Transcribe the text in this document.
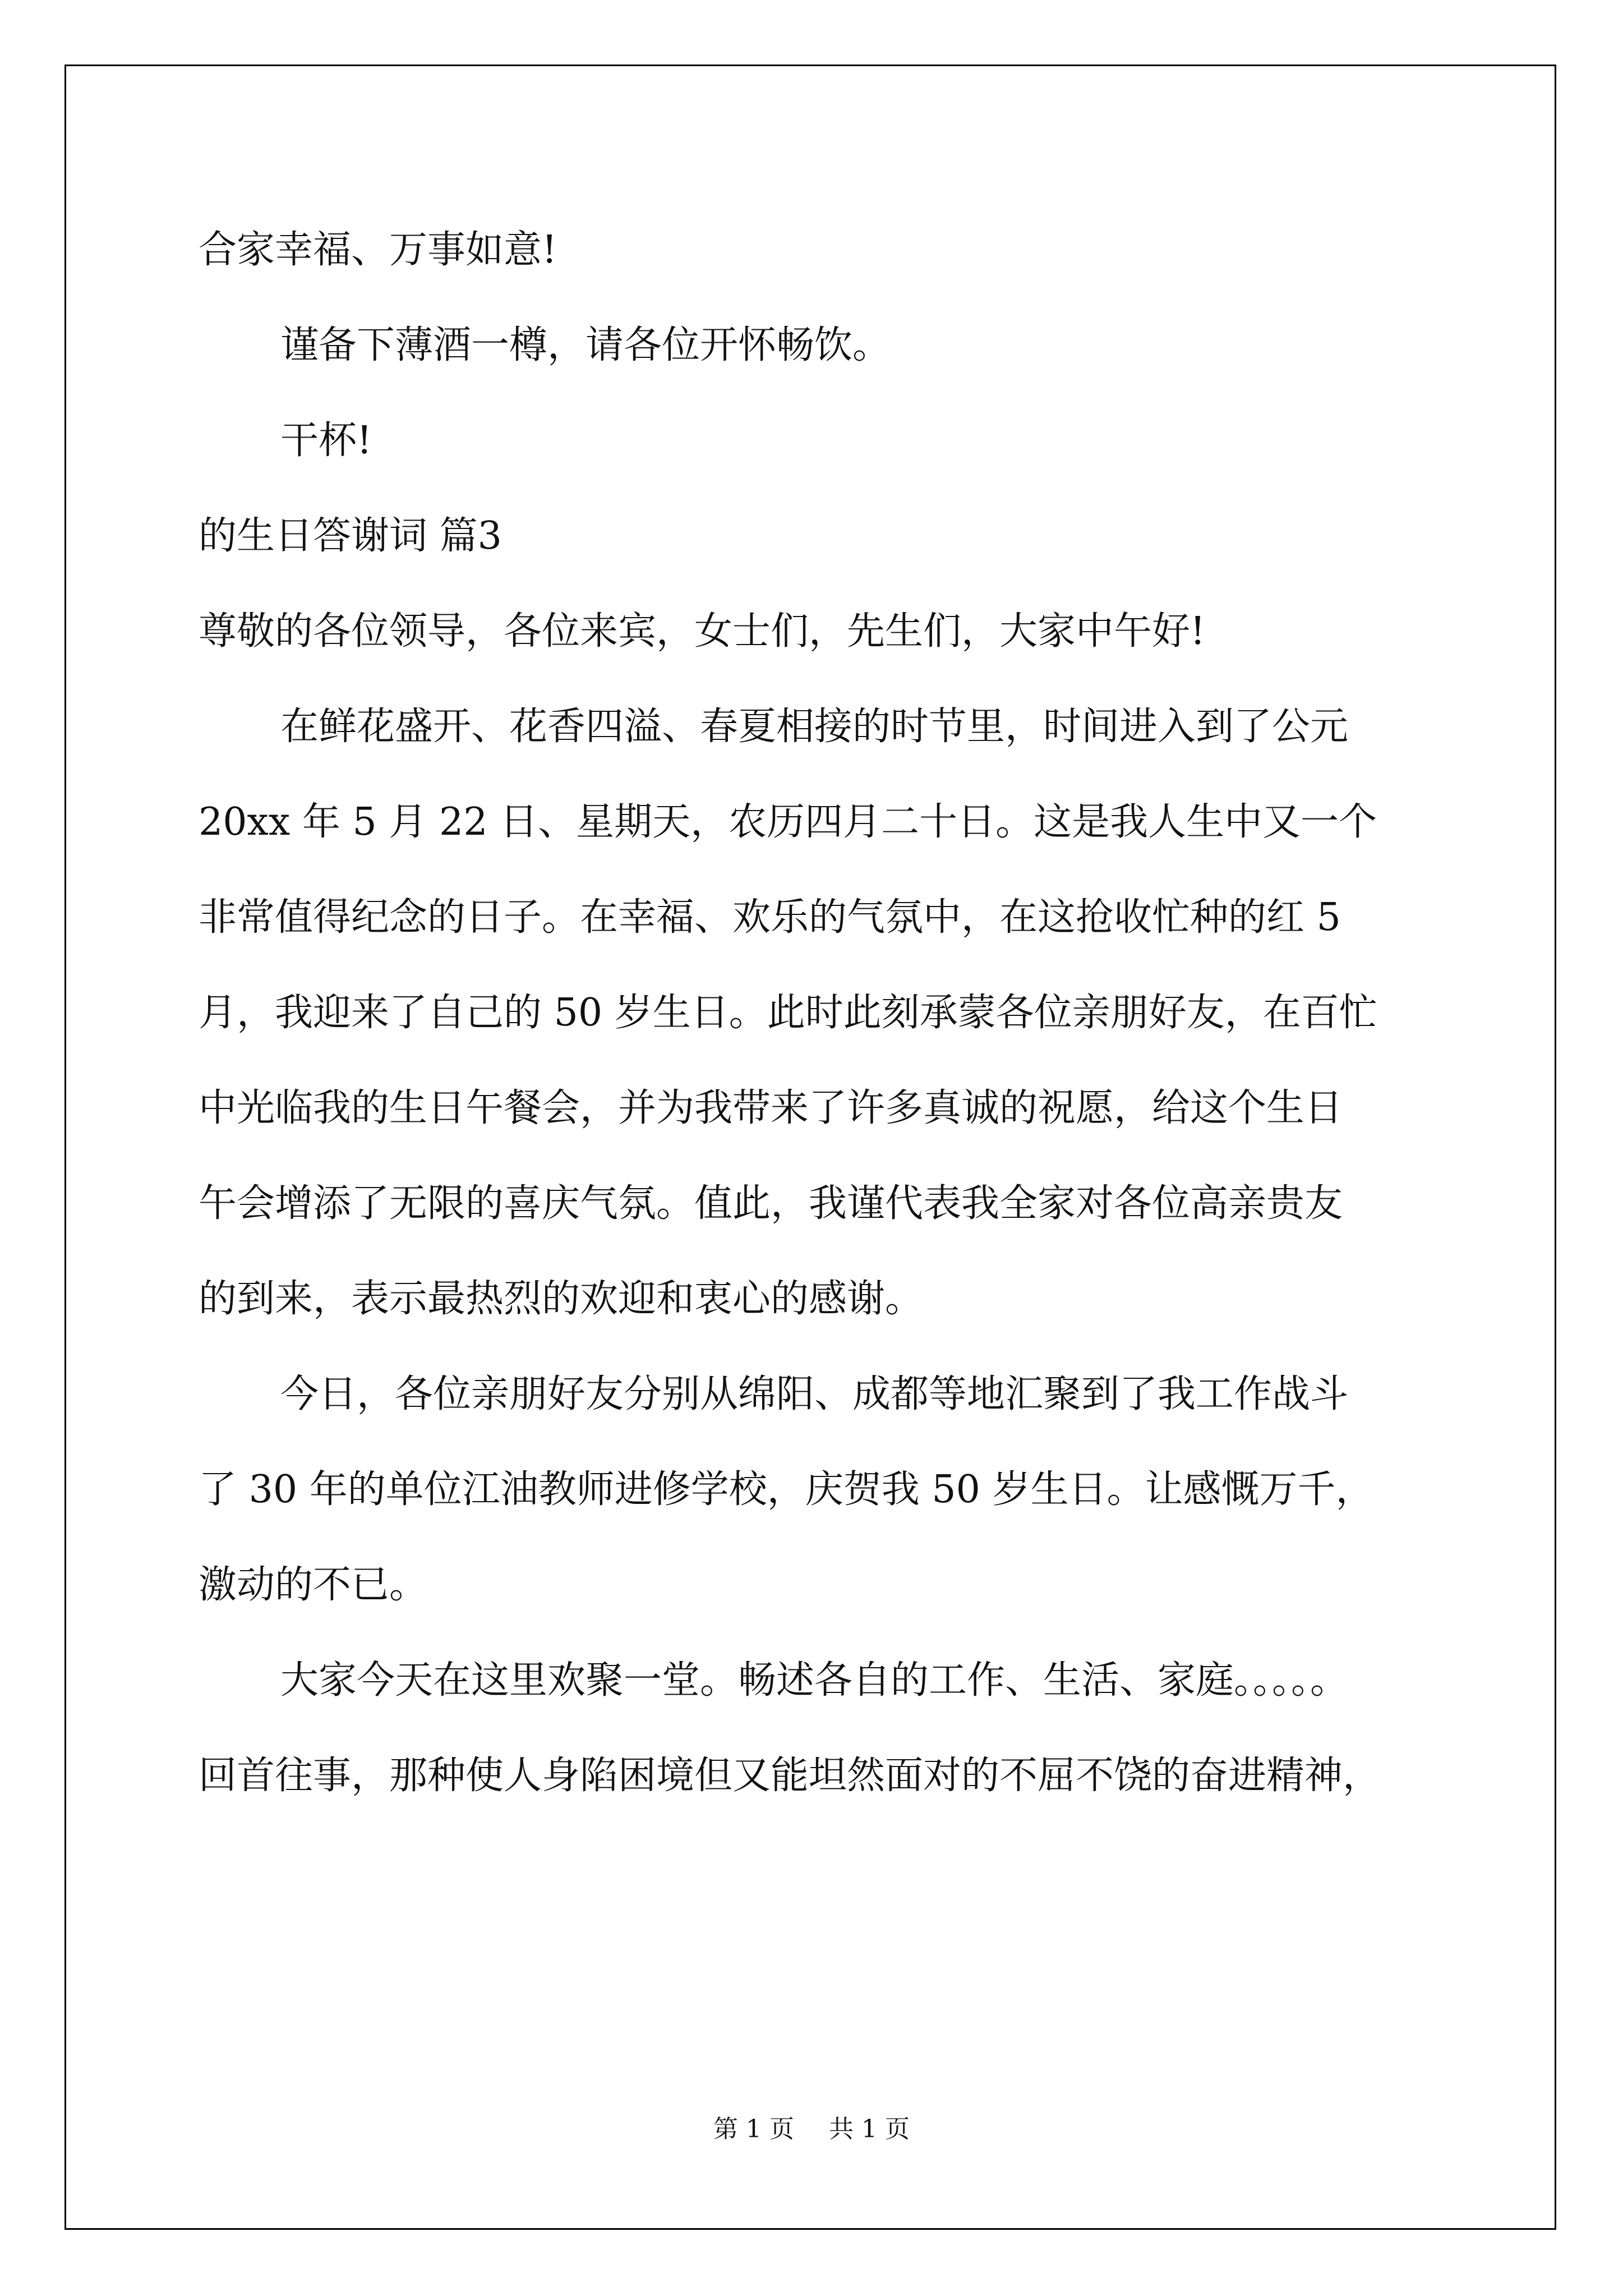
合家幸福、万事如意!

谨备下薄酒一樽，请各位开怀畅饮。

干杯!

的生日答谢词 篇3

尊敬的各位领导，各位来宾，女士们，先生们，大家中午好!

在鲜花盛开、花香四溢、春夏相接的时节里，时间进入到了公元

20xx 年 5 月 22 日、星期天，农历四月二十日。这是我人生中又一个

非常值得纪念的日子。在幸福、欢乐的气氛中，在这抢收忙种的红 5

月，我迎来了自己的 50 岁生日。此时此刻承蒙各位亲朋好友，在百忙

中光临我的生日午餐会，并为我带来了许多真诚的祝愿，给这个生日

午会增添了无限的喜庆气氛。值此，我谨代表我全家对各位高亲贵友

的到来，表示最热烈的欢迎和衷心的感谢。

今日，各位亲朋好友分别从绵阳、成都等地汇聚到了我工作战斗

了 30 年的单位江油教师进修学校，庆贺我 50 岁生日。让感慨万千，

激动的不已。

大家今天在这里欢聚一堂。畅述各自的工作、生活、家庭。。。。。

回首往事，那种使人身陷困境但又能坦然面对的不屈不饶的奋进精神，

第 1 页 共 1 页
